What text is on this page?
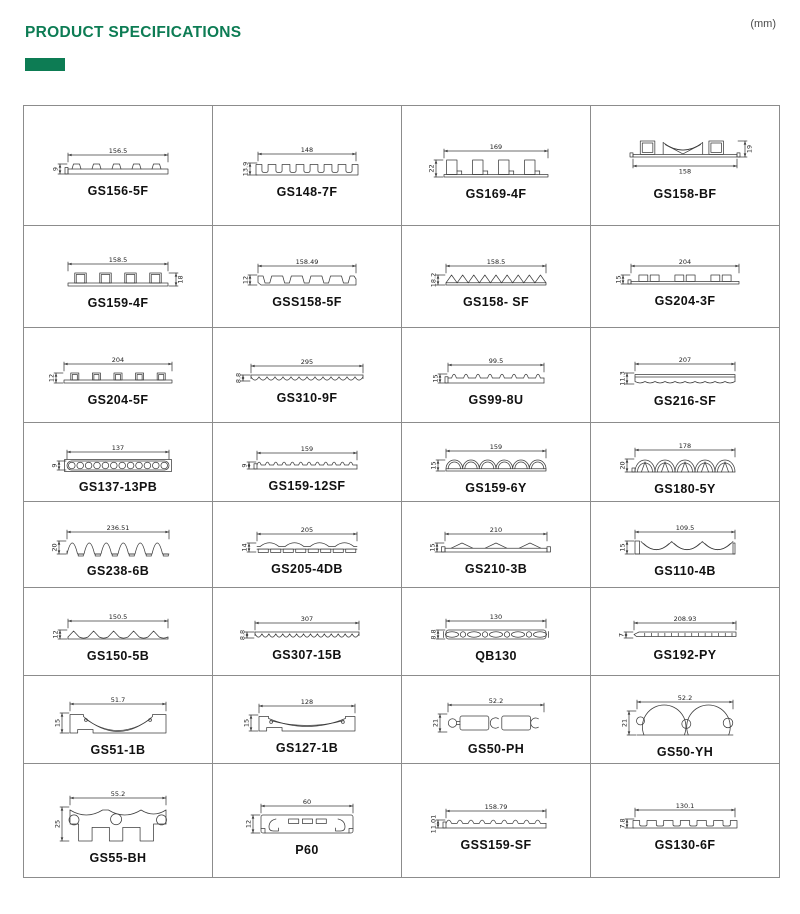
PRODUCT SPECIFICATIONS	(mm)
156.5
9
GS156-5F
148
13.9
GS148-7F
169
22
GS169-4F
158
19
GS158-BF
158.5
18
GS159-4F
158.49
12
GSS158-5F
158.5
18.2
GS158- SF
204
15
GS204-3F
204
12
GS204-5F
295
8.8
GS310-9F
99.5
15
GS99-8U
207
11.3
GS216-SF
137
9
GS137-13PB
159
9
GS159-12SF
159
15
GS159-6Y
178
20
GS180-5Y
236.51
20
GS238-6B
205
14
GS205-4DB
210
15
GS210-3B
109.5
15
GS110-4B
150.5
12
GS150-5B
307
8.8
GS307-15B
130
8.8
QB130
208.93
7
GS192-PY
51.7
15
GS51-1B
128
15
GS127-1B
52.2
21
GS50-PH
52.2
21
GS50-YH
55.2
25
GS55-BH
60
12
P60
158.79
11.01
GSS159-SF
130.1
7.8
GS130-6F
